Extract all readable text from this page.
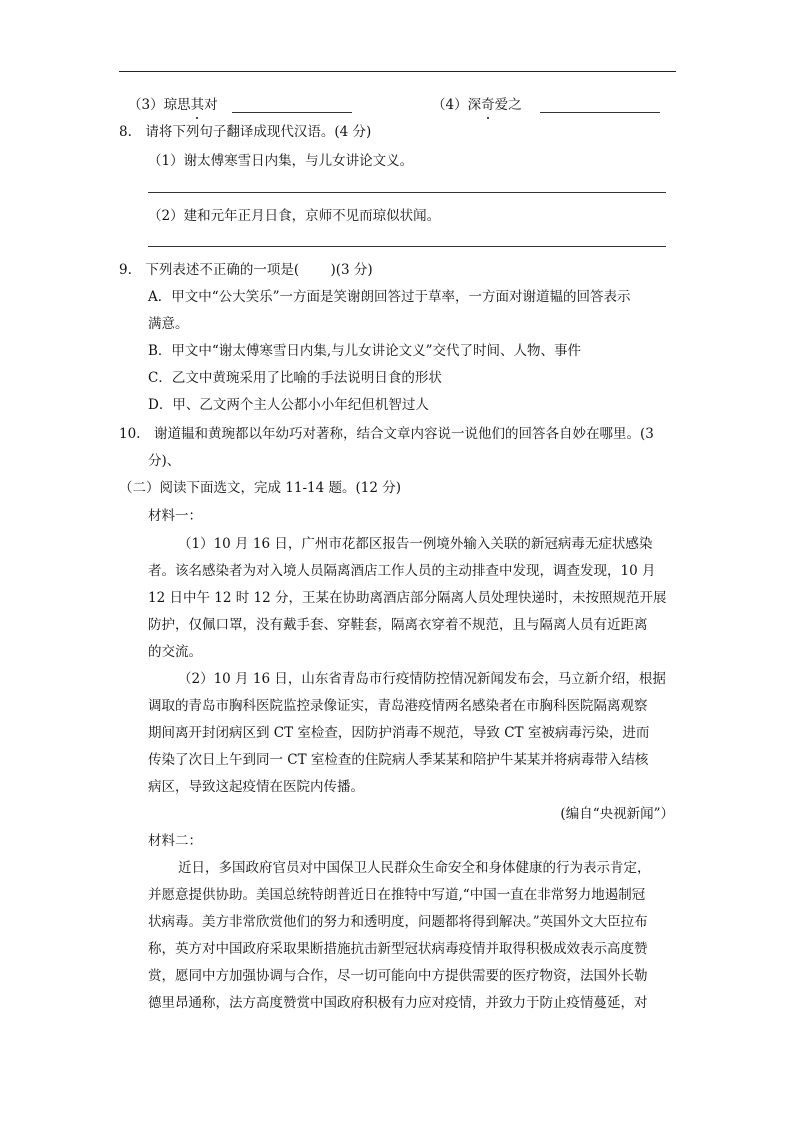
（3）琼思其对	（4）深奇爱之
8.　请将下列句子翻译成现代汉语。(4 分)
（1）谢太傅寒雪日内集，与儿女讲论文义。
（2）建和元年正月日食，京师不见而琼似状闻。
9.　下列表述不正确的一项是(　　 )(3 分)
A．甲文中“公大笑乐”一方面是笑谢朗回答过于草率，一方面对谢道韫的回答表示
满意。
B．甲文中“谢太傅寒雪日内集,与儿女讲论文义”交代了时间、人物、事件
C．乙文中黄琬采用了比喻的手法说明日食的形状
D．甲、乙文两个主人公都小小年纪但机智过人
10.　谢道韫和黄琬都以年幼巧对著称，结合文章内容说一说他们的回答各自妙在哪里。(3
分)、
（二）阅读下面选文，完成 11-14 题。(12 分)
材料一：
（1）10 月 16 日，广州市花都区报告一例境外输入关联的新冠病毒无症状感染
者。该名感染者为对入境人员隔离酒店工作人员的主动排查中发现，调查发现，10 月
12 日中午 12 时 12 分，王某在协助离酒店部分隔离人员处理快递时，未按照规范开展
防护，仅佩口罩，没有戴手套、穿鞋套，隔离衣穿着不规范，且与隔离人员有近距离
的交流。
（2）10 月 16 日，山东省青岛市行疫情防控情况新闻发布会，马立新介绍，根据
调取的青岛市胸科医院监控录像证实，青岛港疫情两名感染者在市胸科医院隔离观察
期间离开封闭病区到 CT 室检查，因防护消毒不规范，导致 CT 室被病毒污染，进而
传染了次日上午到同一 CT 室检查的住院病人季某某和陪护牛某某并将病毒带入结核
病区，导致这起疫情在医院内传播。
(编自“央视新闻”）
材料二：
近日，多国政府官员对中国保卫人民群众生命安全和身体健康的行为表示肯定，
并愿意提供协助。美国总统特朗普近日在推特中写道,“中国一直在非常努力地遏制冠
状病毒。美方非常欣赏他们的努力和透明度，问题都将得到解决。”英国外文大臣拉布
称，英方对中国政府采取果断措施抗击新型冠状病毒疫情并取得积极成效表示高度赞
赏，愿同中方加强协调与合作，尽一切可能向中方提供需要的医疗物资，法国外长勒
德里昂通称，法方高度赞赏中国政府积极有力应对疫情，并致力于防止疫情蔓延，对
